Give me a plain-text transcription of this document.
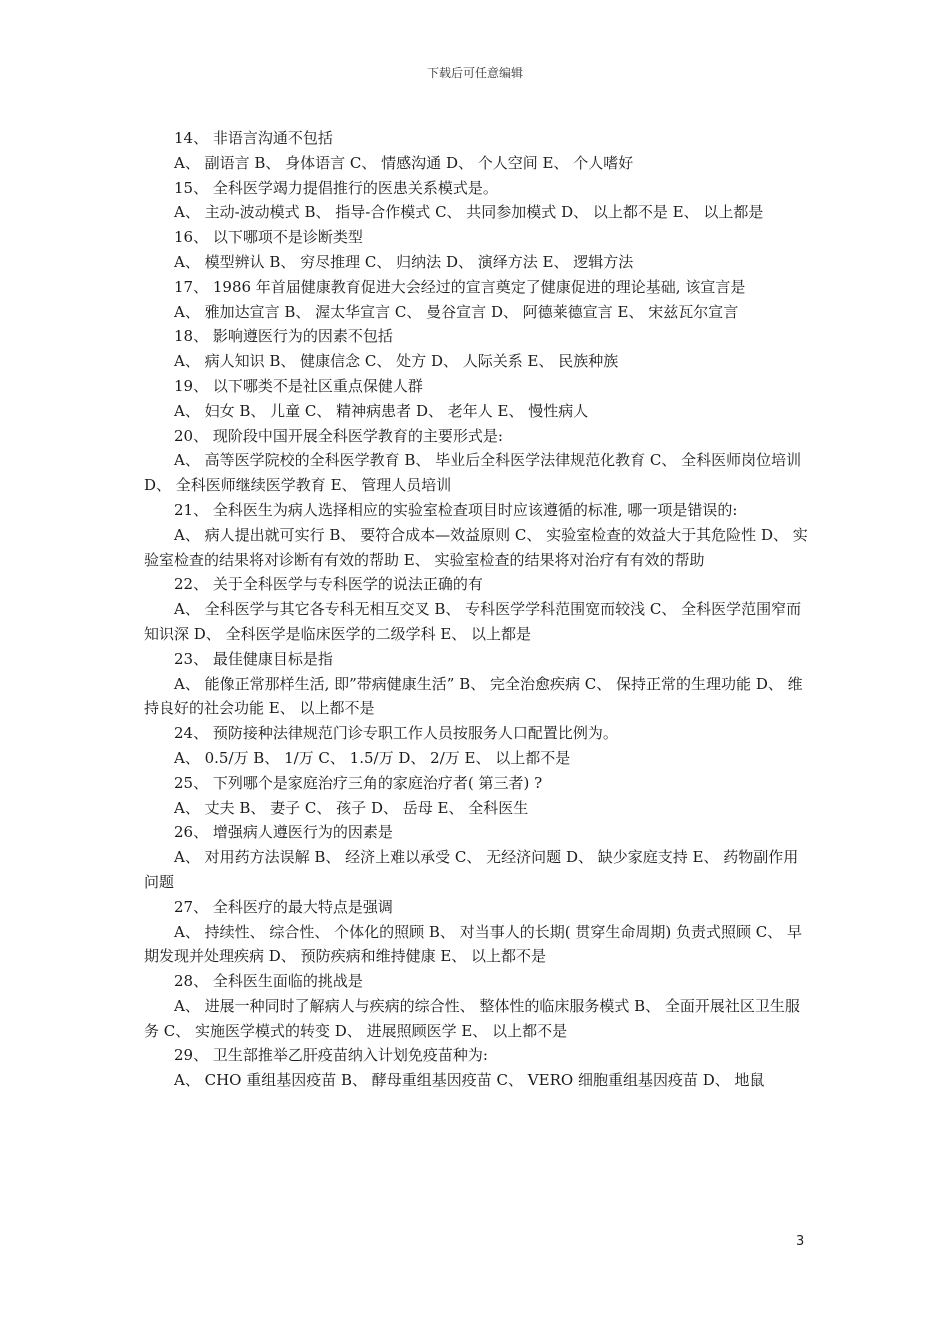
下载后可任意编辑

14、 非语言沟通不包括

A、 副语言 B、 身体语言 C、 情感沟通 D、 个人空间 E、 个人嗜好

15、 全科医学竭力提倡推行的医患关系模式是。

A、 主动-波动模式 B、 指导-合作模式 C、 共同参加模式 D、 以上都不是 E、 以上都是

16、 以下哪项不是诊断类型

A、 模型辨认 B、 穷尽推理 C、 归纳法 D、 演绎方法 E、 逻辑方法

17、 1986 年首届健康教育促进大会经过的宣言奠定了健康促进的理论基础, 该宣言是

A、 雅加达宣言 B、 渥太华宣言 C、 曼谷宣言 D、 阿德莱德宣言 E、 宋兹瓦尔宣言

18、 影响遵医行为的因素不包括

A、 病人知识 B、 健康信念 C、 处方 D、 人际关系 E、 民族种族

19、 以下哪类不是社区重点保健人群

A、 妇女 B、 儿童 C、 精神病患者 D、 老年人 E、 慢性病人

20、 现阶段中国开展全科医学教育的主要形式是:

A、 高等医学院校的全科医学教育 B、 毕业后全科医学法律规范化教育 C、 全科医师岗位培训 D、 全科医师继续医学教育 E、 管理人员培训

21、 全科医生为病人选择相应的实验室检查项目时应该遵循的标准, 哪一项是错误的:

A、 病人提出就可实行 B、 要符合成本—效益原则 C、 实验室检查的效益大于其危险性 D、 实验室检查的结果将对诊断有有效的帮助 E、 实验室检查的结果将对治疗有有效的帮助

22、 关于全科医学与专科医学的说法正确的有

A、 全科医学与其它各专科无相互交叉 B、 专科医学学科范围宽而较浅 C、 全科医学范围窄而知识深 D、 全科医学是临床医学的二级学科 E、 以上都是

23、 最佳健康目标是指

A、 能像正常那样生活, 即”带病健康生活” B、 完全治愈疾病 C、 保持正常的生理功能 D、 维持良好的社会功能 E、 以上都不是

24、 预防接种法律规范门诊专职工作人员按服务人口配置比例为。

A、 0.5/万 B、 1/万 C、 1.5/万 D、 2/万 E、 以上都不是

25、 下列哪个是家庭治疗三角的家庭治疗者( 第三者) ?

A、 丈夫 B、 妻子 C、 孩子 D、 岳母 E、 全科医生

26、 增强病人遵医行为的因素是

A、 对用药方法误解 B、 经济上难以承受 C、 无经济问题 D、 缺少家庭支持 E、 药物副作用问题

27、 全科医疗的最大特点是强调

A、 持续性、 综合性、 个体化的照顾 B、 对当事人的长期( 贯穿生命周期) 负责式照顾 C、 早期发现并处理疾病 D、 预防疾病和维持健康 E、 以上都不是

28、 全科医生面临的挑战是

A、 进展一种同时了解病人与疾病的综合性、 整体性的临床服务模式 B、 全面开展社区卫生服务 C、 实施医学模式的转变 D、 进展照顾医学 E、 以上都不是

29、 卫生部推举乙肝疫苗纳入计划免疫苗种为:

A、 CHO 重组基因疫苗 B、 酵母重组基因疫苗 C、 VERO 细胞重组基因疫苗 D、 地鼠

3
